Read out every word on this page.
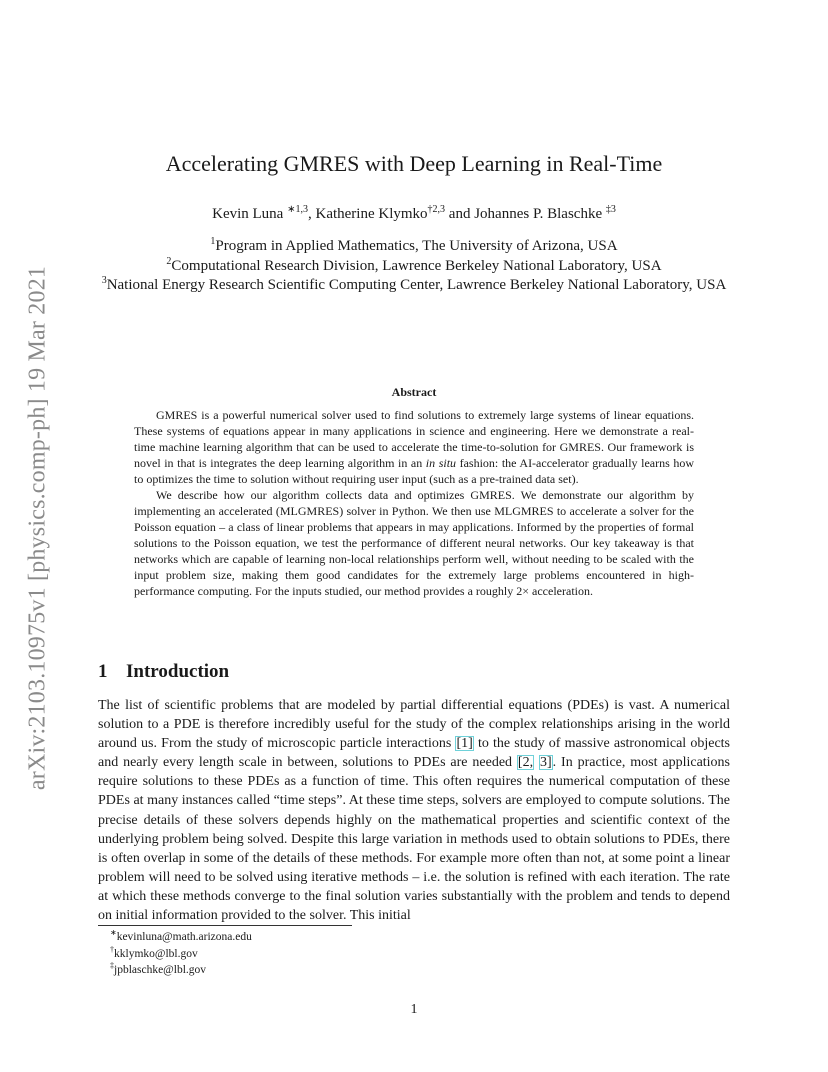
arXiv:2103.10975v1 [physics.comp-ph] 19 Mar 2021
Accelerating GMRES with Deep Learning in Real-Time
Kevin Luna $^{∗1,3}$, Katherine Klymko$^{\dagger 2,3}$ and Johannes P. Blaschke $^{\ddagger 3}$
$^1$Program in Applied Mathematics, The University of Arizona, USA
$^2$Computational Research Division, Lawrence Berkeley National Laboratory, USA
$^3$National Energy Research Scientific Computing Center, Lawrence Berkeley National Laboratory, USA
Abstract

GMRES is a powerful numerical solver used to find solutions to extremely large systems of linear equations. These systems of equations appear in many applications in science and engineering. Here we demonstrate a real-time machine learning algorithm that can be used to accelerate the time-to-solution for GMRES. Our framework is novel in that is integrates the deep learning algorithm in an in situ fashion: the AI-accelerator gradually learns how to optimizes the time to solution without requiring user input (such as a pre-trained data set).

We describe how our algorithm collects data and optimizes GMRES. We demonstrate our algorithm by implementing an accelerated (MLGMRES) solver in Python. We then use MLGMRES to accelerate a solver for the Poisson equation – a class of linear problems that appears in may applications. Informed by the properties of formal solutions to the Poisson equation, we test the performance of different neural networks. Our key takeaway is that networks which are capable of learning non-local relationships perform well, without needing to be scaled with the input problem size, making them good candidates for the extremely large problems encountered in high-performance computing. For the inputs studied, our method provides a roughly 2× acceleration.

1 Introduction

The list of scientific problems that are modeled by partial differential equations (PDEs) is vast. A numerical solution to a PDE is therefore incredibly useful for the study of the complex relationships arising in the world around us. From the study of microscopic particle interactions [1] to the study of massive astronomical objects and nearly every length scale in between, solutions to PDEs are needed [2, 3]. In practice, most applications require solutions to these PDEs as a function of time. This often requires the numerical computation of these PDEs at many instances called “time steps”. At these time steps, solvers are employed to compute solutions. The precise details of these solvers depends highly on the mathematical properties and scientific context of the underlying problem being solved. Despite this large variation in methods used to obtain solutions to PDEs, there is often overlap in some of the details of these methods. For example more often than not, at some point a linear problem will need to be solved using iterative methods – i.e. the solution is refined with each iteration. The rate at which these methods converge to the final solution varies substantially with the problem and tends to depend on initial information provided to the solver. This initial

∗kevinluna@math.arizona.edu
†kklymko@lbl.gov
‡jpblaschke@lbl.gov
1
